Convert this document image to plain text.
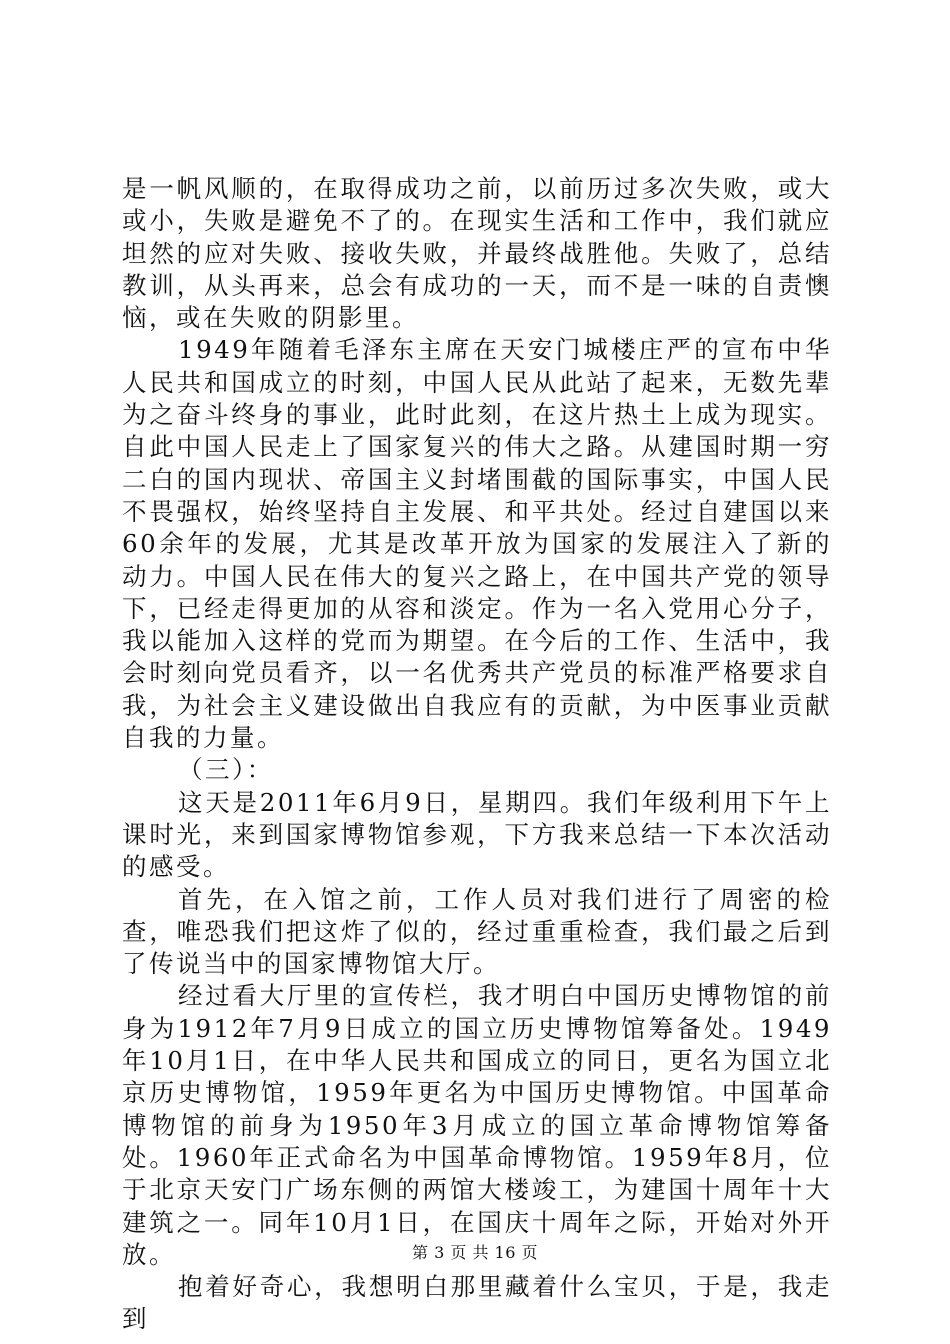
是一帆风顺的，在取得成功之前，以前历过多次失败，或大或小，失败是避免不了的。在现实生活和工作中，我们就应坦然的应对失败、接收失败，并最终战胜他。失败了，总结教训，从头再来，总会有成功的一天，而不是一味的自责懊恼，或在失败的阴影里。

1949年随着毛泽东主席在天安门城楼庄严的宣布中华人民共和国成立的时刻，中国人民从此站了起来，无数先辈为之奋斗终身的事业，此时此刻，在这片热土上成为现实。自此中国人民走上了国家复兴的伟大之路。从建国时期一穷二白的国内现状、帝国主义封堵围截的国际事实，中国人民不畏强权，始终坚持自主发展、和平共处。经过自建国以来60余年的发展，尤其是改革开放为国家的发展注入了新的动力。中国人民在伟大的复兴之路上，在中国共产党的领导下，已经走得更加的从容和淡定。作为一名入党用心分子，我以能加入这样的党而为期望。在今后的工作、生活中，我会时刻向党员看齐，以一名优秀共产党员的标准严格要求自我，为社会主义建设做出自我应有的贡献，为中医事业贡献自我的力量。

（三）：

这天是2011年6月9日，星期四。我们年级利用下午上课时光，来到国家博物馆参观，下方我来总结一下本次活动的感受。

首先，在入馆之前，工作人员对我们进行了周密的检查，唯恐我们把这炸了似的，经过重重检查，我们最之后到了传说当中的国家博物馆大厅。

经过看大厅里的宣传栏，我才明白中国历史博物馆的前身为1912年7月9日成立的国立历史博物馆筹备处。1949年10月1日，在中华人民共和国成立的同日，更名为国立北京历史博物馆，1959年更名为中国历史博物馆。中国革命博物馆的前身为1950年3月成立的国立革命博物馆筹备处。1960年正式命名为中国革命博物馆。1959年8月，位于北京天安门广场东侧的两馆大楼竣工，为建国十周年十大建筑之一。同年10月1日，在国庆十周年之际，开始对外开放。

抱着好奇心，我想明白那里藏着什么宝贝，于是，我走到

第 3 页 共 16 页
